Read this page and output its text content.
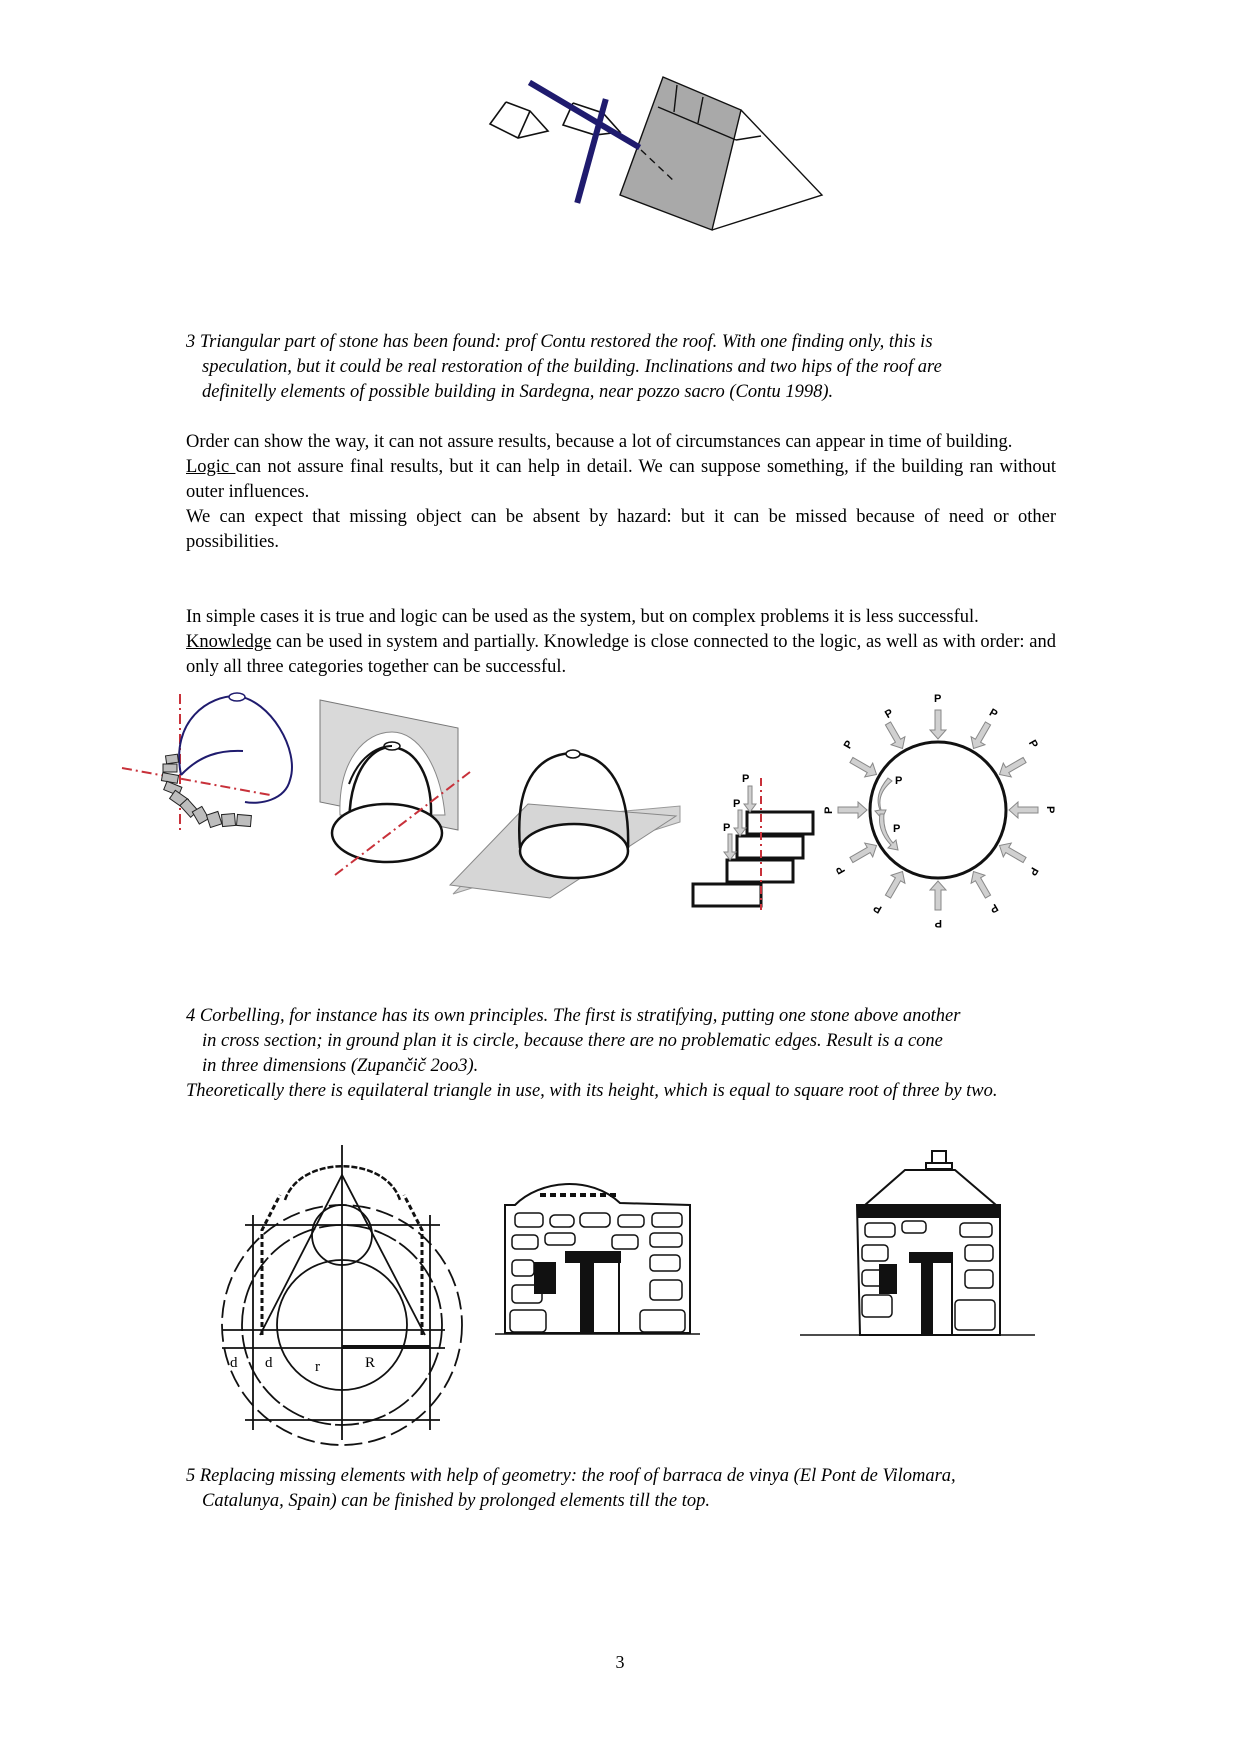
3 Triangular part of stone has been found: prof Contu restored the roof. With one finding only, this is
speculation, but it could be real restoration of the building. Inclinations and two hips of the roof are
definitelly elements of possible building in Sardegna, near pozzo sacro (Contu 1998).

Order can show the way, it can not assure results, because a lot of circumstances can appear in time of building.

Logic can not assure final results, but it can help in detail. We can suppose something, if the building ran without outer influences.

We can expect that missing object can be absent by hazard: but it can be missed because of need or other possibilities.

In simple cases it is true and logic can be used as the system, but on complex problems it is less successful.

Knowledge can be used in system and partially. Knowledge is close connected to the logic, as well as with order: and only all three categories together can be successful.

P
P
P
P
P
P
P
P
P
P
P
P
P
P
P
P
P
4 Corbelling, for instance has its own principles. The first is stratifying, putting one stone above another
in cross section; in ground plan it is circle, because there are no problematic edges. Result is a cone
in three dimensions (Zupančič 2oo3).
Theoretically there is equilateral triangle in use, with its height, which is equal to square root of three by two.
d d	r	R
5 Replacing missing elements with help of geometry: the roof of barraca de vinya (El Pont de Vilomara,
Catalunya, Spain) can be finished by prolonged elements till the top.
3
